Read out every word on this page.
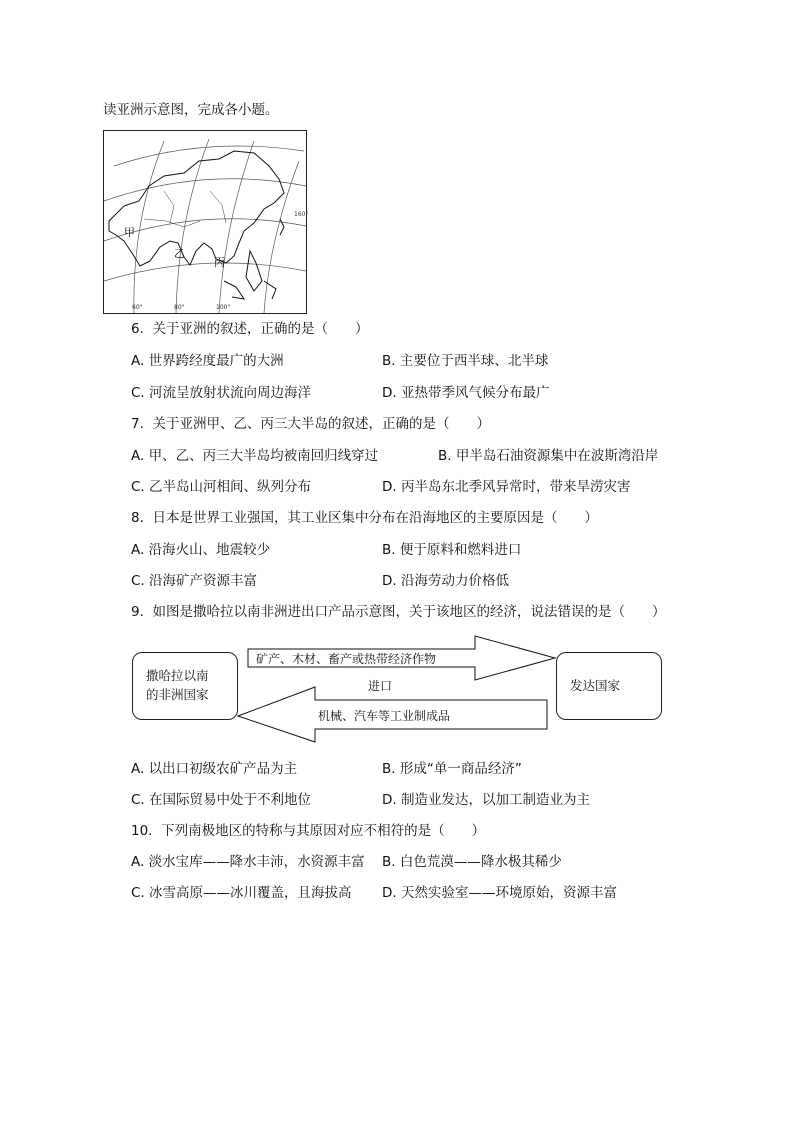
读亚洲示意图，完成各小题。
60°	80°	100°
160°
甲
乙
丙
6. 关于亚洲的叙述，正确的是（　　）
A. 世界跨经度最广的大洲	B. 主要位于西半球、北半球
C. 河流呈放射状流向周边海洋	D. 亚热带季风气候分布最广
7. 关于亚洲甲、乙、丙三大半岛的叙述，正确的是（　　）
A. 甲、乙、丙三大半岛均被南回归线穿过	B. 甲半岛石油资源集中在波斯湾沿岸
C. 乙半岛山河相间、纵列分布	D. 丙半岛东北季风异常时，带来旱涝灾害
8. 日本是世界工业强国，其工业区集中分布在沿海地区的主要原因是（　　）
A. 沿海火山、地震较少	B. 便于原料和燃料进口
C. 沿海矿产资源丰富	D. 沿海劳动力价格低
9. 如图是撒哈拉以南非洲进出口产品示意图，关于该地区的经济，说法错误的是（　　）
撒哈拉以南
的非洲国家
发达国家
矿产、木材、畜产或热带经济作物
进口
机械、汽车等工业制成品
A. 以出口初级农矿产品为主	B. 形成“单一商品经济”
C. 在国际贸易中处于不利地位	D. 制造业发达，以加工制造业为主
10. 下列南极地区的特称与其原因对应不相符的是（　　）
A. 淡水宝库——降水丰沛，水资源丰富 B. 白色荒漠——降水极其稀少
C. 冰雪高原——冰川覆盖，且海拔高 D. 天然实验室——环境原始，资源丰富
